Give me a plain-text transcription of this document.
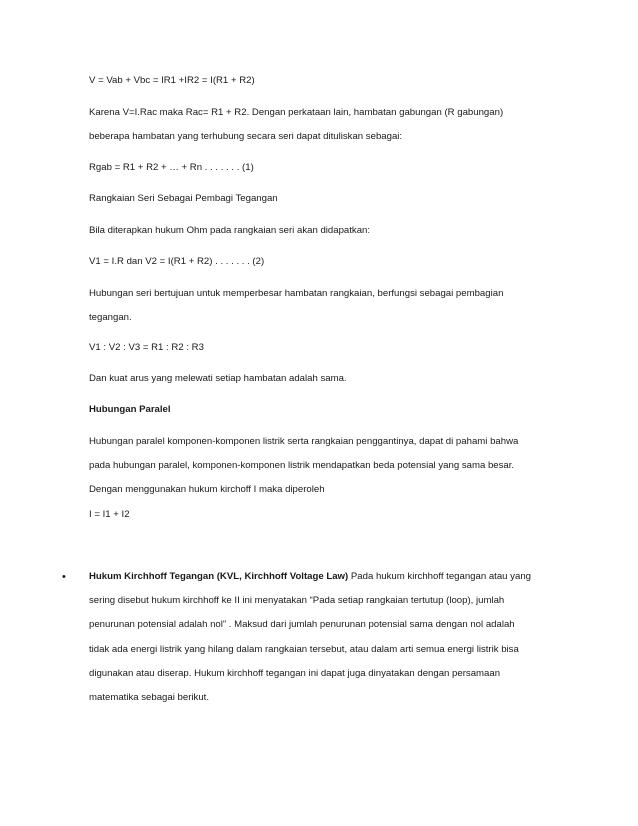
V = Vab + Vbc = IR1 +IR2 = I(R1 + R2)
Karena V=I.Rac maka Rac= R1 + R2. Dengan perkataan lain, hambatan gabungan (R gabungan)
beberapa hambatan yang terhubung secara seri dapat dituliskan sebagai:
Rgab = R1 + R2 + … + Rn . . . . . . . (1)
Rangkaian Seri Sebagai Pembagi Tegangan
Bila diterapkan hukum Ohm pada rangkaian seri akan didapatkan:
V1 = I.R dan V2 = I(R1 + R2) . . . . . . . (2)
Hubungan seri bertujuan untuk memperbesar hambatan rangkaian, berfungsi sebagai pembagian
tegangan.
V1 : V2 : V3 = R1 : R2 : R3
Dan kuat arus yang melewati setiap hambatan adalah sama.
Hubungan Paralel
Hubungan paralel komponen-komponen listrik serta rangkaian penggantinya, dapat di pahami bahwa
pada hubungan paralel, komponen-komponen listrik mendapatkan beda potensial yang sama besar.
Dengan menggunakan hukum kirchoff I maka diperoleh
I = I1 + I2
• Hukum Kirchhoff Tegangan (KVL, Kirchhoff Voltage Law) Pada hukum kirchhoff tegangan atau yang
sering disebut hukum kirchhoff ke II ini menyatakan “Pada setiap rangkaian tertutup (loop), jumlah
penurunan potensial adalah nol” . Maksud dari jumlah penurunan potensial sama dengan nol adalah
tidak ada energi listrik yang hilang dalam rangkaian tersebut, atau dalam arti semua energi listrik bisa
digunakan atau diserap. Hukum kirchhoff tegangan ini dapat juga dinyatakan dengan persamaan
matematika sebagai berikut.
